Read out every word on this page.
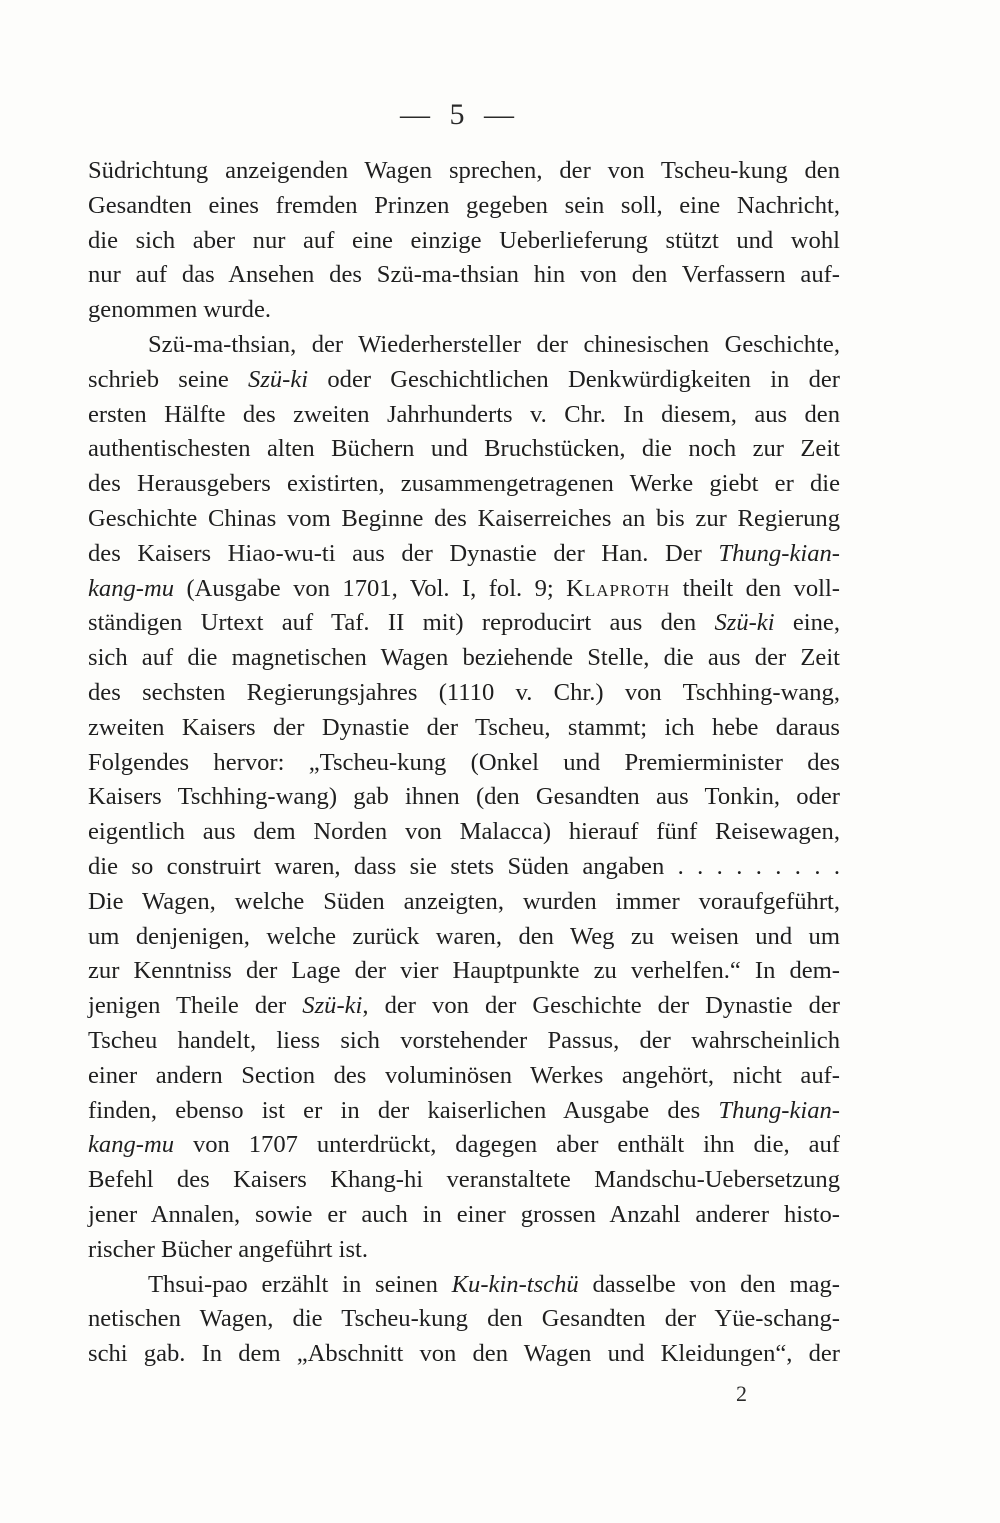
— 5 —
Südrichtung anzeigenden Wagen sprechen, der von Tscheu-kung den
Gesandten eines fremden Prinzen gegeben sein soll, eine Nachricht,
die sich aber nur auf eine einzige Ueberlieferung stützt und wohl
nur auf das Ansehen des Szü-ma-thsian hin von den Verfassern auf-
genommen wurde.
Szü-ma-thsian, der Wiederhersteller der chinesischen Geschichte,
schrieb seine Szü-ki oder Geschichtlichen Denkwürdigkeiten in der
ersten Hälfte des zweiten Jahrhunderts v. Chr. In diesem, aus den
authentischesten alten Büchern und Bruchstücken, die noch zur Zeit
des Herausgebers existirten, zusammengetragenen Werke giebt er die
Geschichte Chinas vom Beginne des Kaiserreiches an bis zur Regierung
des Kaisers Hiao-wu-ti aus der Dynastie der Han. Der Thung-kian-
kang-mu (Ausgabe von 1701, Vol. I, fol. 9; Klaproth theilt den voll-
ständigen Urtext auf Taf. II mit) reproducirt aus den Szü-ki eine,
sich auf die magnetischen Wagen beziehende Stelle, die aus der Zeit
des sechsten Regierungsjahres (1110 v. Chr.) von Tschhing-wang,
zweiten Kaisers der Dynastie der Tscheu, stammt; ich hebe daraus
Folgendes hervor: „Tscheu-kung (Onkel und Premierminister des
Kaisers Tschhing-wang) gab ihnen (den Gesandten aus Tonkin, oder
eigentlich aus dem Norden von Malacca) hierauf fünf Reisewagen,
die so construirt waren, dass sie stets Süden angaben . . . . . . . . .
Die Wagen, welche Süden anzeigten, wurden immer voraufgeführt,
um denjenigen, welche zurück waren, den Weg zu weisen und um
zur Kenntniss der Lage der vier Hauptpunkte zu verhelfen.“ In dem-
jenigen Theile der Szü-ki, der von der Geschichte der Dynastie der
Tscheu handelt, liess sich vorstehender Passus, der wahrscheinlich
einer andern Section des voluminösen Werkes angehört, nicht auf-
finden, ebenso ist er in der kaiserlichen Ausgabe des Thung-kian-
kang-mu von 1707 unterdrückt, dagegen aber enthält ihn die, auf
Befehl des Kaisers Khang-hi veranstaltete Mandschu-Uebersetzung
jener Annalen, sowie er auch in einer grossen Anzahl anderer histo-
rischer Bücher angeführt ist.
Thsui-pao erzählt in seinen Ku-kin-tschü dasselbe von den mag-
netischen Wagen, die Tscheu-kung den Gesandten der Yüe-schang-
schi gab. In dem „Abschnitt von den Wagen und Kleidungen“, der
2
